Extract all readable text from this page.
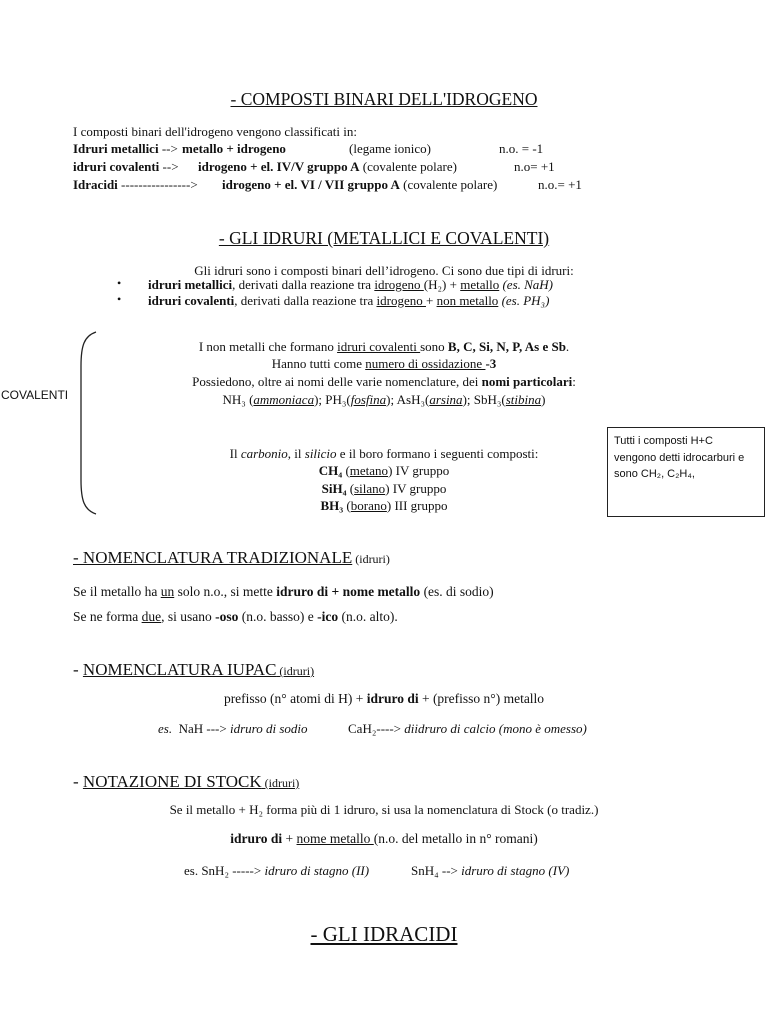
- COMPOSTI BINARI DELL'IDROGENO
I composti binari dell'idrogeno vengono classificati in:
Idruri metallici --> metallo + idrogeno	(legame ionico)	n.o. = -1
idruri covalenti --> idrogeno + el. IV/V gruppo A (covalente polare)	n.o= +1
Idracidi ----------------> idrogeno + el. VI / VII gruppo A (covalente polare)	n.o.= +1
- GLI IDRURI (METALLICI E COVALENTI)
Gli idruri sono i composti binari dell’idrogeno. Ci sono due tipi di idruri:
• idruri metallici, derivati dalla reazione tra idrogeno (H₂) + metallo (es. NaH)
• idruri covalenti, derivati dalla reazione tra idrogeno + non metallo (es. PH₃)
COVALENTI
I non metalli che formano idruri covalenti sono B, C, Si, N, P, As e Sb.
Hanno tutti come numero di ossidazione -3
Possiedono, oltre ai nomi delle varie nomenclature, dei nomi particolari:
NH₃ (ammoniaca); PH₃(fosfina); AsH₃(arsina); SbH₃(stibina)
Il carbonio, il silicio e il boro formano i seguenti composti:
CH₄ (metano) IV gruppo
SiH₄ (silano) IV gruppo
BH₃ (borano) III gruppo
Tutti i composti H+C vengono detti idrocarburi e sono CH₂, C₂H₄,
- NOMENCLATURA TRADIZIONALE (idruri)
Se il metallo ha un solo n.o., si mette idruro di + nome metallo (es. di sodio)
Se ne forma due, si usano -oso (n.o. basso) e -ico (n.o. alto).
- NOMENCLATURA IUPAC (idruri)
prefisso (n° atomi di H) + idruro di + (prefisso n°) metallo
es. NaH ---> idruro di sodio	CaH₂----> diidruro di calcio (mono è omesso)
- NOTAZIONE DI STOCK (idruri)
Se il metallo + H₂ forma più di 1 idruro, si usa la nomenclatura di Stock (o tradiz.)
idruro di + nome metallo (n.o. del metallo in n° romani)
es. SnH₂ -----> idruro di stagno (II)	SnH₄ --> idruro di stagno (IV)
- GLI IDRACIDI
